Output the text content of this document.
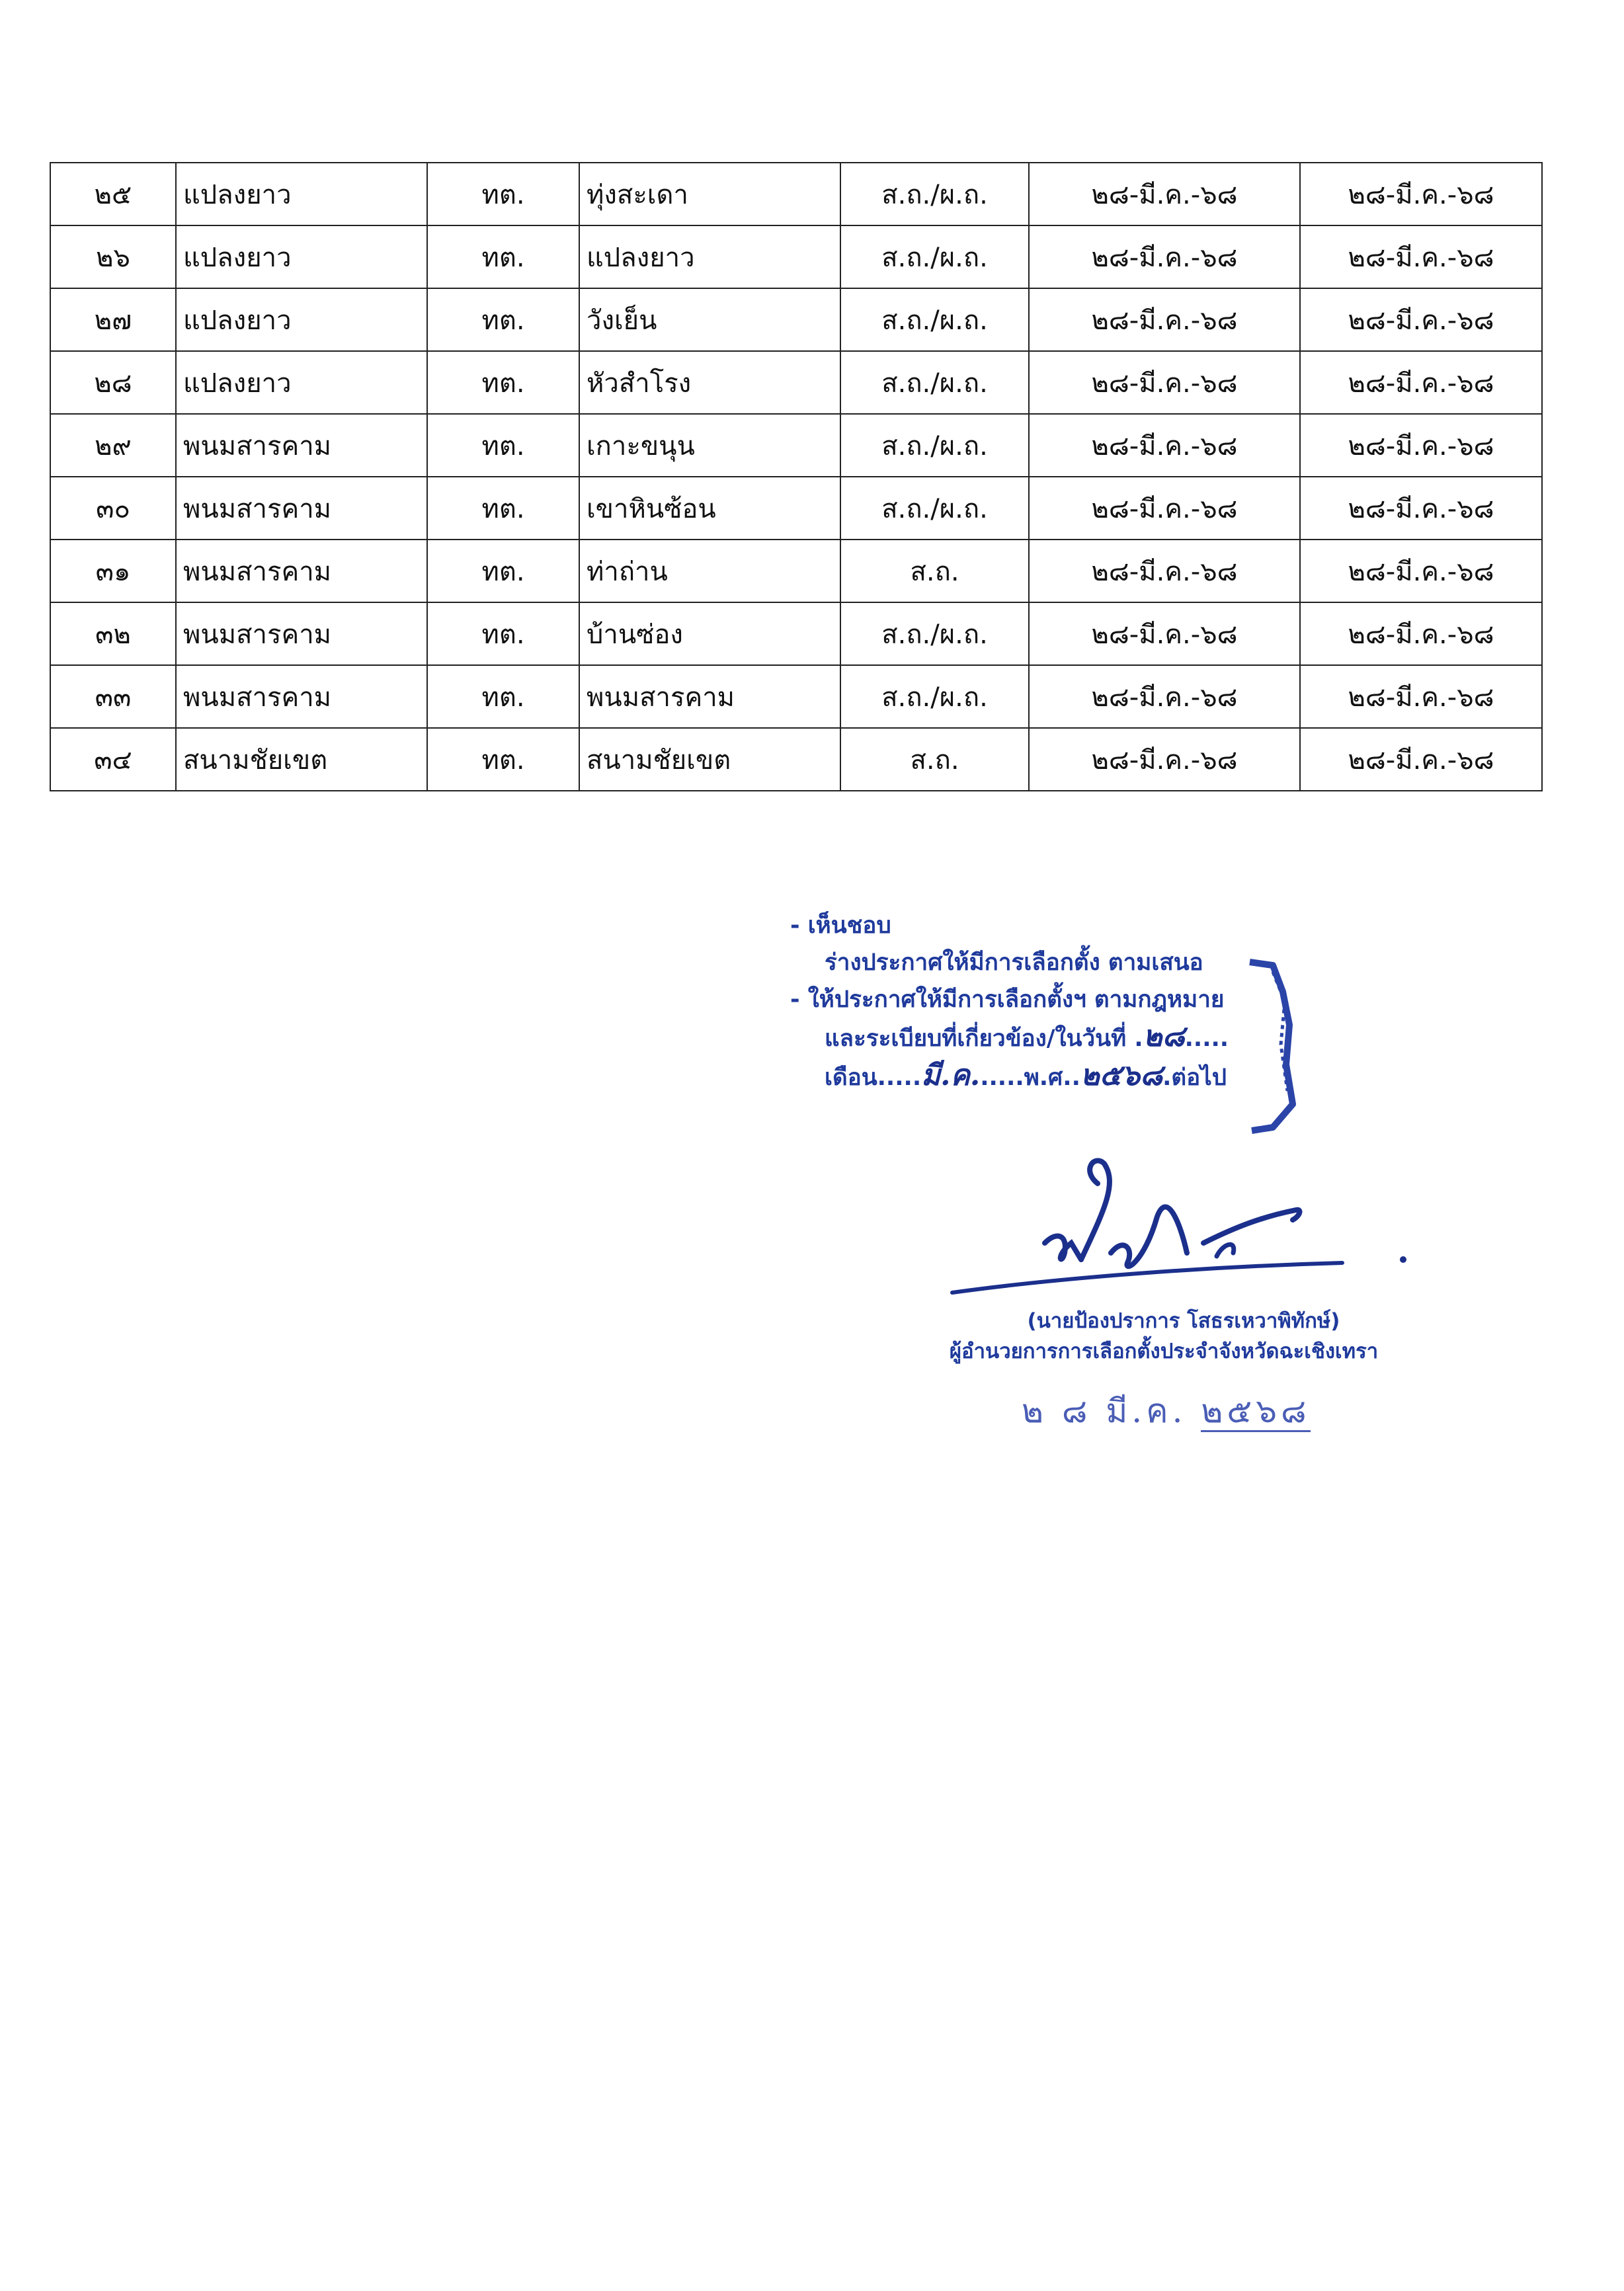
๒๕	แปลงยาว	ทต.	ทุ่งสะเดา	ส.ถ./ผ.ถ.	๒๘-มี.ค.-๖๘	๒๘-มี.ค.-๖๘
๒๖	แปลงยาว	ทต.	แปลงยาว	ส.ถ./ผ.ถ.	๒๘-มี.ค.-๖๘	๒๘-มี.ค.-๖๘
๒๗	แปลงยาว	ทต.	วังเย็น	ส.ถ./ผ.ถ.	๒๘-มี.ค.-๖๘	๒๘-มี.ค.-๖๘
๒๘	แปลงยาว	ทต.	หัวสำโรง	ส.ถ./ผ.ถ.	๒๘-มี.ค.-๖๘	๒๘-มี.ค.-๖๘
๒๙	พนมสารคาม	ทต.	เกาะขนุน	ส.ถ./ผ.ถ.	๒๘-มี.ค.-๖๘	๒๘-มี.ค.-๖๘
๓๐	พนมสารคาม	ทต.	เขาหินซ้อน	ส.ถ./ผ.ถ.	๒๘-มี.ค.-๖๘	๒๘-มี.ค.-๖๘
๓๑	พนมสารคาม	ทต.	ท่าถ่าน	ส.ถ.	๒๘-มี.ค.-๖๘	๒๘-มี.ค.-๖๘
๓๒	พนมสารคาม	ทต.	บ้านซ่อง	ส.ถ./ผ.ถ.	๒๘-มี.ค.-๖๘	๒๘-มี.ค.-๖๘
๓๓	พนมสารคาม	ทต.	พนมสารคาม	ส.ถ./ผ.ถ.	๒๘-มี.ค.-๖๘	๒๘-มี.ค.-๖๘
๓๔	สนามชัยเขต	ทต.	สนามชัยเขต	ส.ถ.	๒๘-มี.ค.-๖๘	๒๘-มี.ค.-๖๘
- เห็นชอบ
ร่างประกาศให้มีการเลือกตั้ง ตามเสนอ
- ให้ประกาศให้มีการเลือกตั้งฯ ตามกฎหมาย
และระเบียบที่เกี่ยวข้อง/ในวันที่ .๒๘.....
เดือน.....มี.ค......พ.ศ..๒๕๖๘.ต่อไป
(นายป้องปราการ โสธรเหวาพิทักษ์)
ผู้อำนวยการการเลือกตั้งประจำจังหวัดฉะเชิงเทรา
๒ ๘ มี.ค. ๒๕๖๘
